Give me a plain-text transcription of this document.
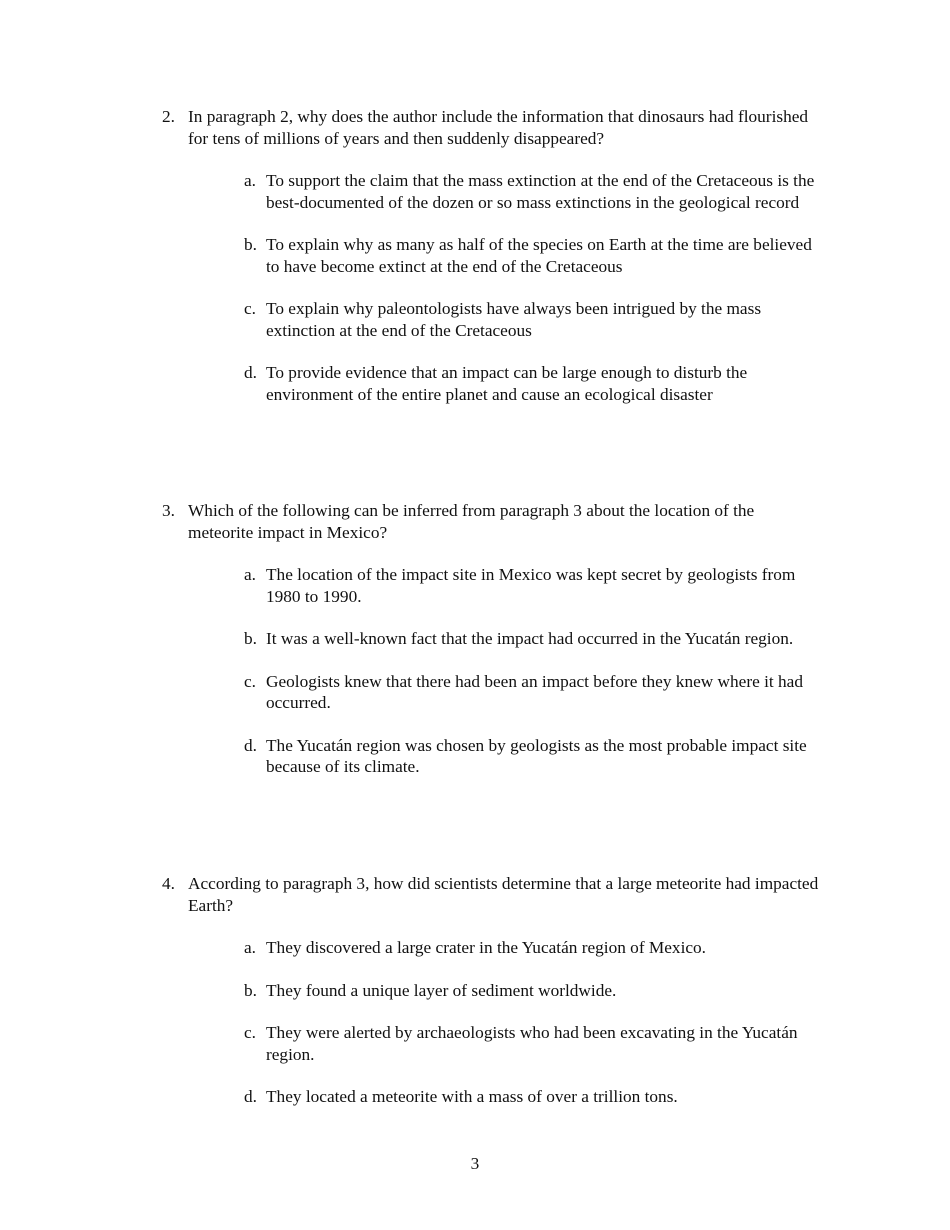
2. In paragraph 2, why does the author include the information that dinosaurs had flourished for tens of millions of years and then suddenly disappeared?
a. To support the claim that the mass extinction at the end of the Cretaceous is the best-documented of the dozen or so mass extinctions in the geological record
b. To explain why as many as half of the species on Earth at the time are believed to have become extinct at the end of the Cretaceous
c. To explain why paleontologists have always been intrigued by the mass extinction at the end of the Cretaceous
d. To provide evidence that an impact can be large enough to disturb the environment of the entire planet and cause an ecological disaster
3. Which of the following can be inferred from paragraph 3 about the location of the meteorite impact in Mexico?
a. The location of the impact site in Mexico was kept secret by geologists from 1980 to 1990.
b. It was a well-known fact that the impact had occurred in the Yucatán region.
c. Geologists knew that there had been an impact before they knew where it had occurred.
d. The Yucatán region was chosen by geologists as the most probable impact site because of its climate.
4. According to paragraph 3, how did scientists determine that a large meteorite had impacted Earth?
a. They discovered a large crater in the Yucatán region of Mexico.
b. They found a unique layer of sediment worldwide.
c. They were alerted by archaeologists who had been excavating in the Yucatán region.
d. They located a meteorite with a mass of over a trillion tons.
3
